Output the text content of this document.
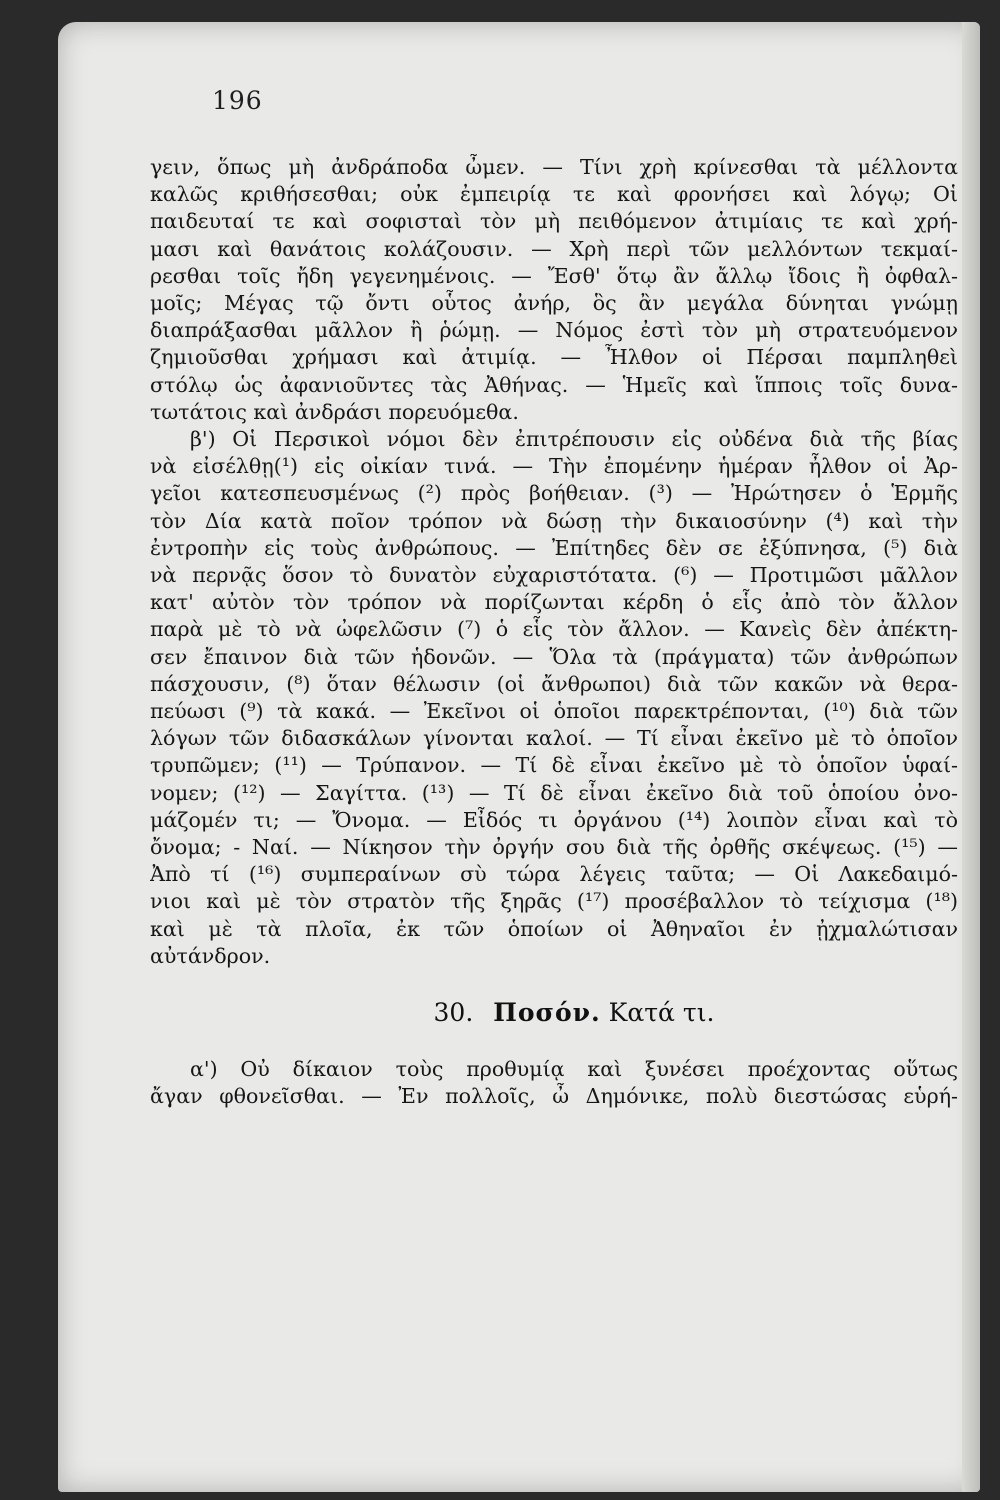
196
γειν, ὅπως μὴ ἀνδράποδα ὦμεν. — Τίνι χρὴ κρίνεσθαι τὰ μέλλοντα
καλῶς κριθήσεσθαι; οὐκ ἐμπειρίᾳ τε καὶ φρονήσει καὶ λόγῳ; Οἱ
παιδευταί τε καὶ σοφισταὶ τὸν μὴ πειθόμενον ἀτιμίαις τε καὶ χρή-
μασι καὶ θανάτοις κολάζουσιν. — Χρὴ περὶ τῶν μελλόντων τεκμαί-
ρεσθαι τοῖς ἤδη γεγενημένοις. — Ἔσθ' ὅτῳ ἂν ἄλλῳ ἴδοις ἢ ὀφθαλ-
μοῖς; Μέγας τῷ ὄντι οὗτος ἀνήρ, ὃς ἂν μεγάλα δύνηται γνώμῃ
διαπράξασθαι μᾶλλον ἢ ῥώμῃ. — Νόμος ἐστὶ τὸν μὴ στρατευόμενον
ζημιοῦσθαι χρήμασι καὶ ἀτιμίᾳ. — Ἦλθον οἱ Πέρσαι παμπληθεὶ
στόλῳ ὡς ἀφανιοῦντες τὰς Ἀθήνας. — Ἡμεῖς καὶ ἵπποις τοῖς δυνα-
τωτάτοις καὶ ἀνδράσι πορευόμεθα.
β') Οἱ Περσικοὶ νόμοι δὲν ἐπιτρέπουσιν εἰς οὐδένα διὰ τῆς βίας
νὰ εἰσέλθῃ(¹) εἰς οἰκίαν τινά. — Τὴν ἐπομένην ἡμέραν ἦλθον οἱ Ἀρ-
γεῖοι κατεσπευσμένως (²) πρὸς βοήθειαν. (³) — Ἠρώτησεν ὁ Ἑρμῆς
τὸν Δία κατὰ ποῖον τρόπον νὰ δώσῃ τὴν δικαιοσύνην (⁴) καὶ τὴν
ἐντροπὴν εἰς τοὺς ἀνθρώπους. — Ἐπίτηδες δὲν σε ἐξύπνησα, (⁵) διὰ
νὰ περνᾷς ὅσον τὸ δυνατὸν εὐχαριστότατα. (⁶) — Προτιμῶσι μᾶλλον
κατ' αὐτὸν τὸν τρόπον νὰ πορίζωνται κέρδη ὁ εἷς ἀπὸ τὸν ἄλλον
παρὰ μὲ τὸ νὰ ὠφελῶσιν (⁷) ὁ εἷς τὸν ἄλλον. — Κανεὶς δὲν ἀπέκτη-
σεν ἔπαινον διὰ τῶν ἡδονῶν. — Ὅλα τὰ (πράγματα) τῶν ἀνθρώπων
πάσχουσιν, (⁸) ὅταν θέλωσιν (οἱ ἄνθρωποι) διὰ τῶν κακῶν νὰ θερα-
πεύωσι (⁹) τὰ κακά. — Ἐκεῖνοι οἱ ὁποῖοι παρεκτρέπονται, (¹⁰) διὰ τῶν
λόγων τῶν διδασκάλων γίνονται καλοί. — Τί εἶναι ἐκεῖνο μὲ τὸ ὁποῖον
τρυπῶμεν; (¹¹) — Τρύπανον. — Τί δὲ εἶναι ἐκεῖνο μὲ τὸ ὁποῖον ὑφαί-
νομεν; (¹²) — Σαγίττα. (¹³) — Τί δὲ εἶναι ἐκεῖνο διὰ τοῦ ὁποίου ὀνο-
μάζομέν τι; — Ὄνομα. — Εἶδός τι ὀργάνου (¹⁴) λοιπὸν εἶναι καὶ τὸ
ὄνομα; - Ναί. — Νίκησον τὴν ὀργήν σου διὰ τῆς ὀρθῆς σκέψεως. (¹⁵) —
Ἀπὸ τί (¹⁶) συμπεραίνων σὺ τώρα λέγεις ταῦτα; — Οἱ Λακεδαιμό-
νιοι καὶ μὲ τὸν στρατὸν τῆς ξηρᾶς (¹⁷) προσέβαλλον τὸ τείχισμα (¹⁸)
καὶ μὲ τὰ πλοῖα, ἐκ τῶν ὁποίων οἱ Ἀθηναῖοι ἐν ᾐχμαλώτισαν
αὐτάνδρον.
30. Ποσόν. Κατά τι.
α') Οὐ δίκαιον τοὺς προθυμίᾳ καὶ ξυνέσει προέχοντας οὕτως
ἄγαν φθονεῖσθαι. — Ἐν πολλοῖς, ὦ Δημόνικε, πολὺ διεστώσας εὑρή-
